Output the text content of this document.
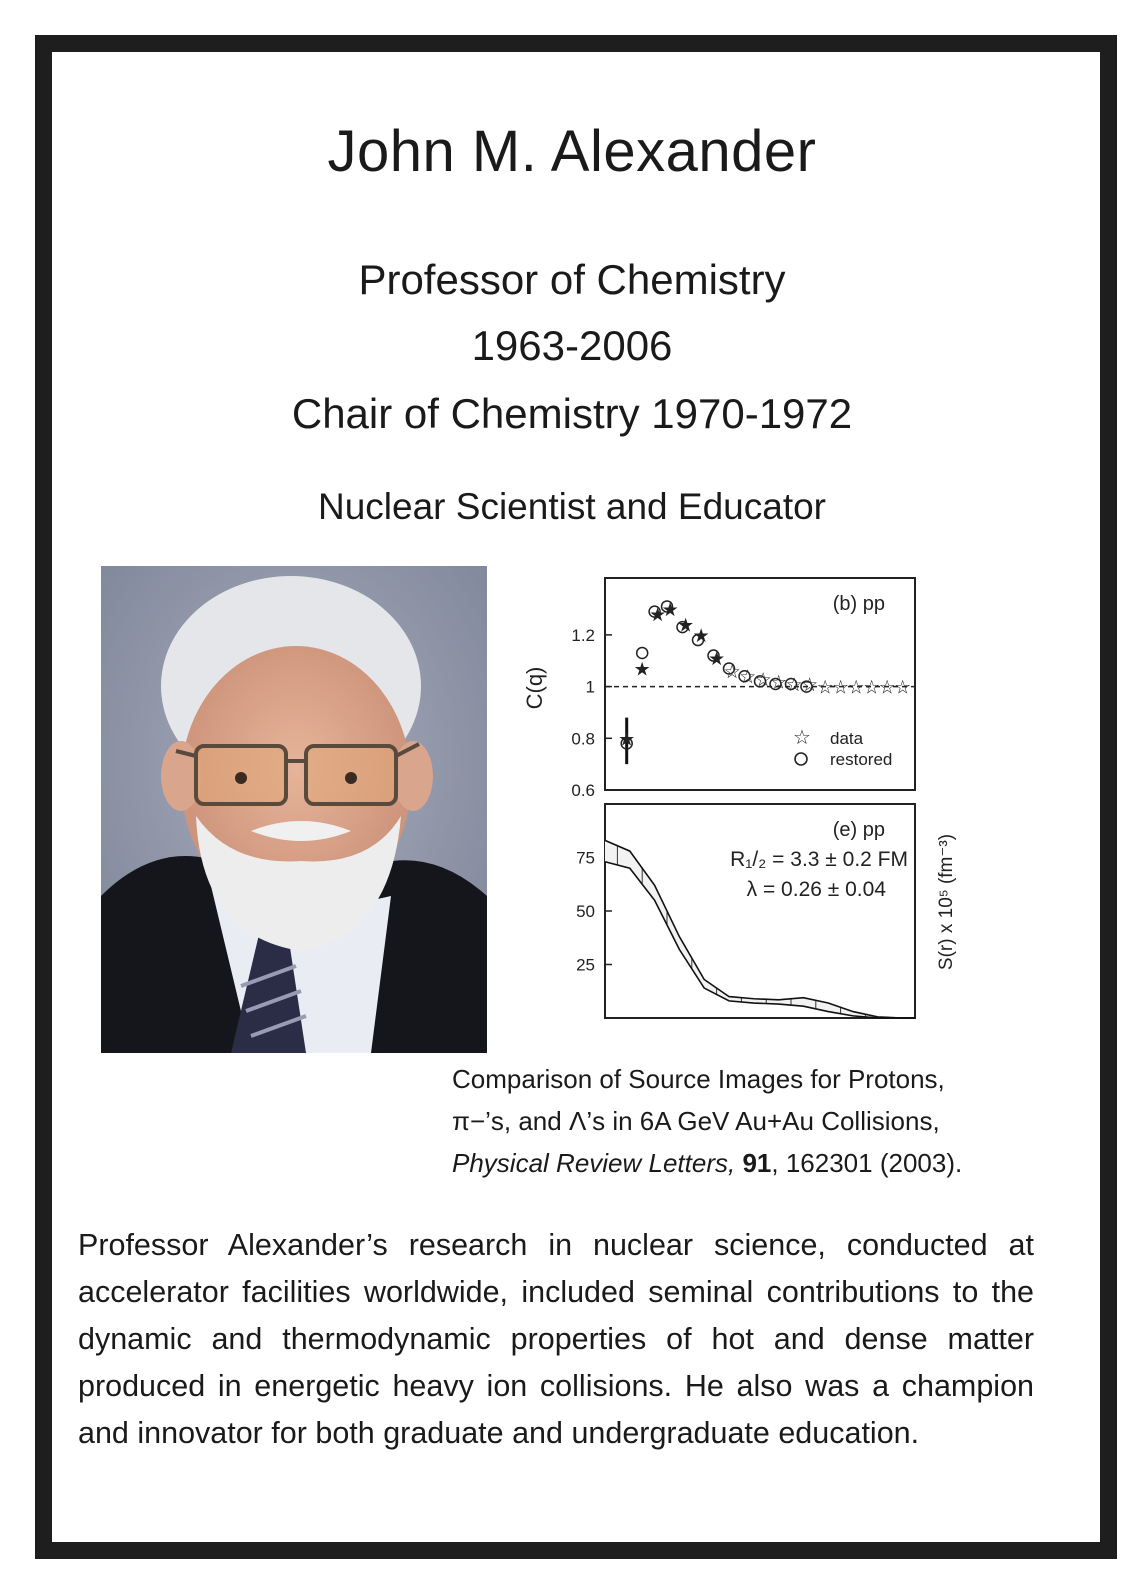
John M. Alexander
Professor of Chemistry
1963-2006
Chair of Chemistry 1970-1972
Nuclear Scientist and Educator
0.6
0.8
1
1.2
★
★
★
★
★
★
★
☆
☆
☆
☆
☆
☆
☆
☆
☆
☆
☆
☆
(b) pp
C(q)
☆ data
restored
25
50
75
(e) pp
R₁/₂ = 3.3 ± 0.2 FM
λ = 0.26 ± 0.04	S(r) x 10⁵ (fm⁻³)
Comparison of Source Images for Protons,
π−’s, and Λ’s in 6A GeV Au+Au Collisions,
Physical Review Letters, 91, 162301 (2003).
Professor Alexander’s research in nuclear science, conducted at accelerator facilities worldwide, included seminal contributions to the dynamic and thermodynamic properties of hot and dense matter produced in energetic heavy ion collisions. He also was a champion and innovator for both graduate and undergraduate education.
